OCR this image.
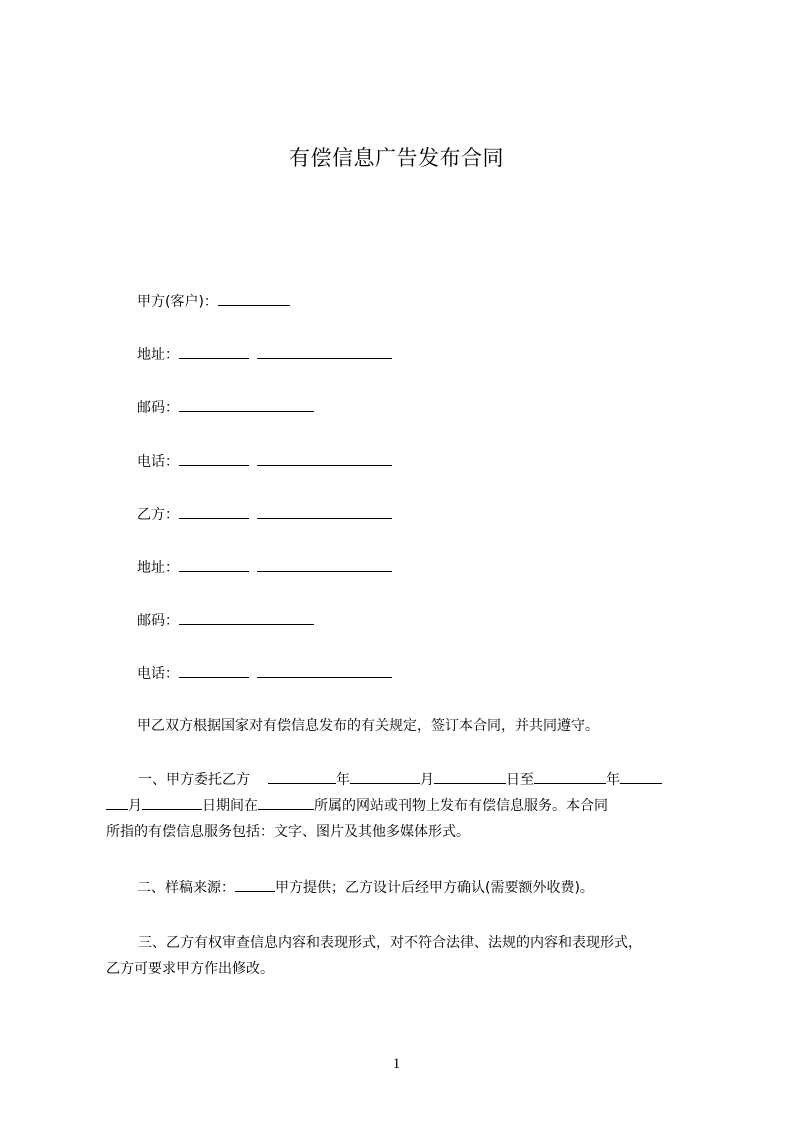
有偿信息广告发布合同
甲方(客户)：
地址：
邮码：
电话：
乙方：
地址：
邮码：
电话：
甲乙双方根据国家对有偿信息发布的有关规定，签订本合同，并共同遵守。
一、甲方委托乙方	年	月	日至	年
月	日期间在	所属的网站或刊物上发布有偿信息服务。本合同
所指的有偿信息服务包括：文字、图片及其他多媒体形式。
二、样稿来源：	甲方提供；乙方设计后经甲方确认(需要额外收费)。
三、乙方有权审查信息内容和表现形式，对不符合法律、法规的内容和表现形式，
乙方可要求甲方作出修改。
1
